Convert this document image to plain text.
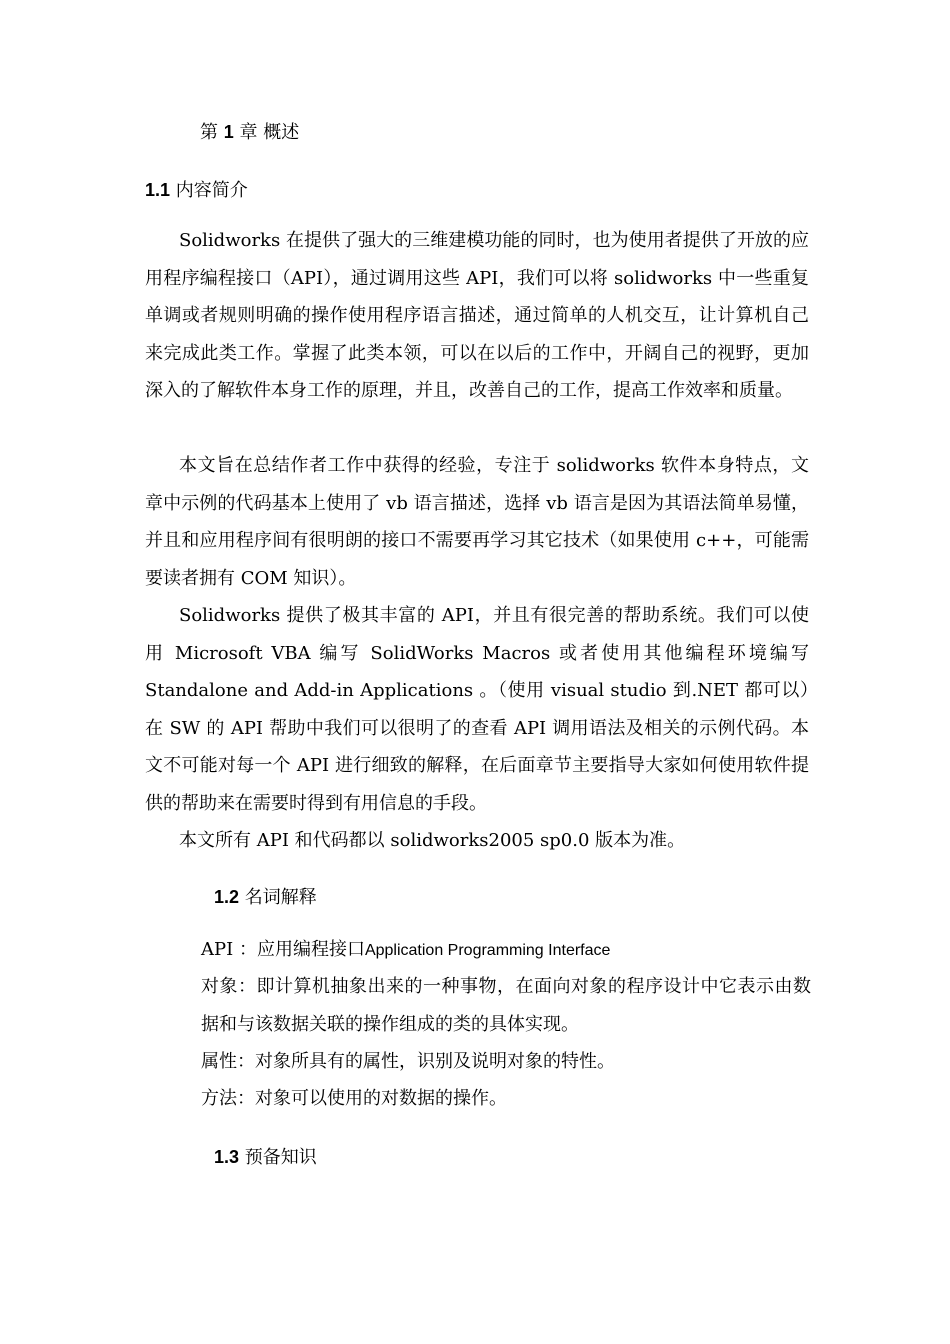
第 1 章 概述
1.1 内容简介

Solidworks 在提供了强大的三维建模功能的同时，也为使用者提供了开放的应用程序编程接口（API），通过调用这些 API，我们可以将 solidworks 中一些重复单调或者规则明确的操作使用程序语言描述，通过简单的人机交互，让计算机自己来完成此类工作。掌握了此类本领，可以在以后的工作中，开阔自己的视野，更加深入的了解软件本身工作的原理，并且，改善自己的工作，提高工作效率和质量。

本文旨在总结作者工作中获得的经验，专注于 solidworks 软件本身特点，文章中示例的代码基本上使用了 vb 语言描述，选择 vb 语言是因为其语法简单易懂，并且和应用程序间有很明朗的接口不需要再学习其它技术（如果使用 c++，可能需要读者拥有 COM 知识）。

Solidworks 提供了极其丰富的 API，并且有很完善的帮助系统。我们可以使用 Microsoft VBA 编写 SolidWorks Macros 或者使用其他编程环境编写 Standalone and Add-in Applications 。（使用 visual studio 到.NET 都可以）在 SW 的 API 帮助中我们可以很明了的查看 API 调用语法及相关的示例代码。本文不可能对每一个 API 进行细致的解释，在后面章节主要指导大家如何使用软件提供的帮助来在需要时得到有用信息的手段。

本文所有 API 和代码都以 solidworks2005 sp0.0 版本为准。

1.2 名词解释

API ：应用编程接口Application Programming Interface

对象：即计算机抽象出来的一种事物，在面向对象的程序设计中它表示由数据和与该数据关联的操作组成的类的具体实现。

属性：对象所具有的属性，识别及说明对象的特性。

方法：对象可以使用的对数据的操作。

1.3 预备知识
